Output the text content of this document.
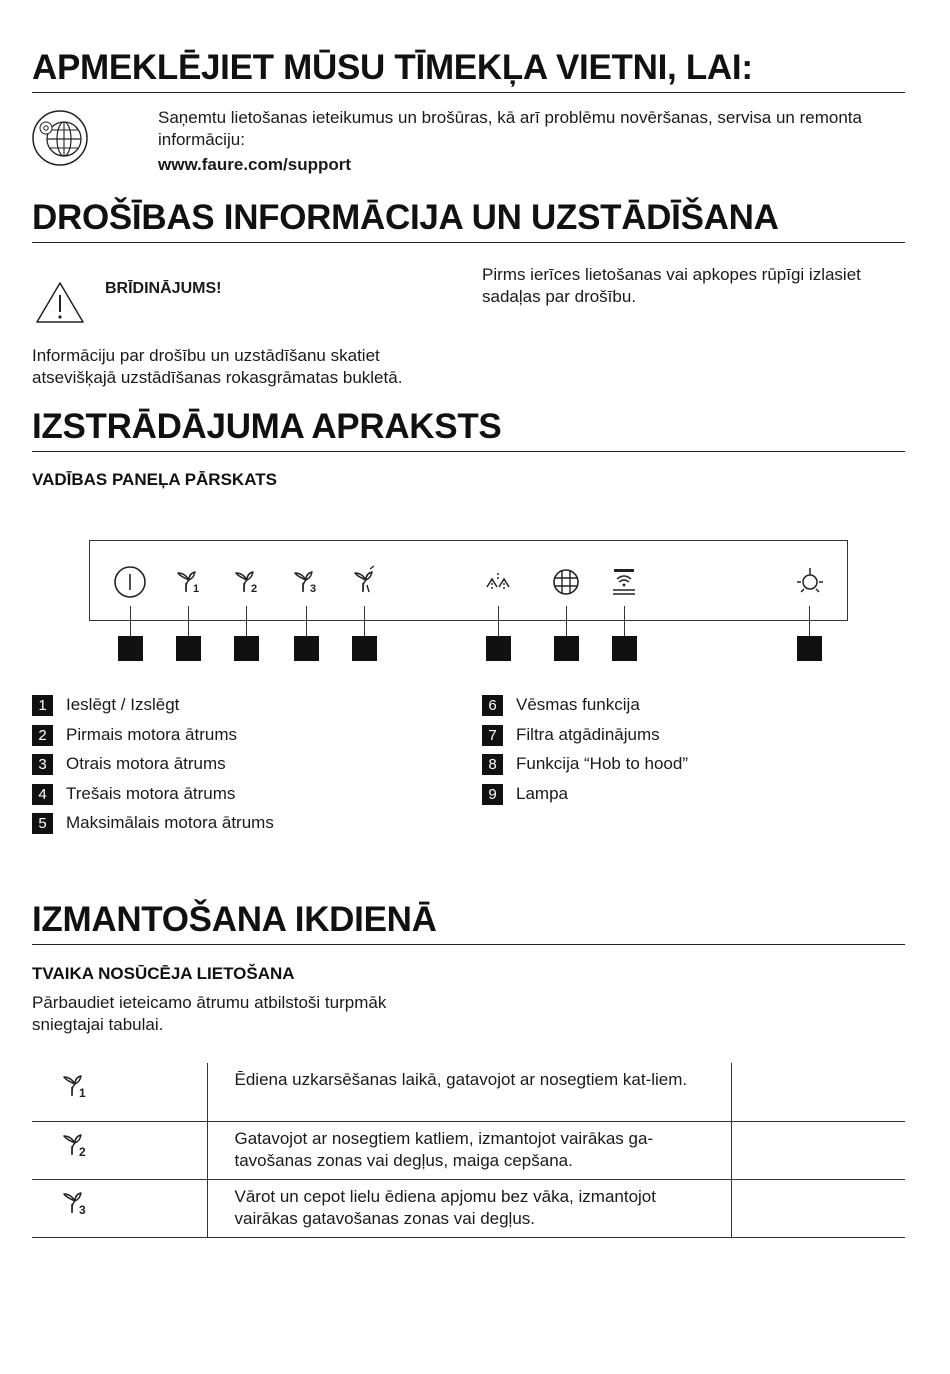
APMEKLĒJIET MŪSU TĪMEKĻA VIETNI, LAI:
Saņemtu lietošanas ieteikumus un brošūras, kā arī problēmu novēršanas, servisa un remonta informāciju:
www.faure.com/support
DROŠĪBAS INFORMĀCIJA UN UZSTĀDĪŠANA
BRĪDINĀJUMS!
Pirms ierīces lietošanas vai apkopes rūpīgi izlasiet sadaļas par drošību.
Informāciju par drošību un uzstādīšanu skatiet atsevišķajā uzstādīšanas rokasgrāmatas bukletā.
IZSTRĀDĀJUMA APRAKSTS
VADĪBAS PANEĻA PĀRSKATS
1	2	3
1	Ieslēgt / Izslēgt
2	Pirmais motora ātrums
3	Otrais motora ātrums
4	Trešais motora ātrums
5	Maksimālais motora ātrums
6	Vēsmas funkcija
7	Filtra atgādinājums
8	Funkcija “Hob to hood”
9	Lampa
IZMANTOŠANA IKDIENĀ
TVAIKA NOSŪCĒJA LIETOŠANA
Pārbaudiet ieteicamo ātrumu atbilstoši turpmāk sniegtajai tabulai.
1	Ēdiena uzkarsēšanas laikā, gatavojot ar nosegtiem kat-liem.	

2	Gatavojot ar nosegtiem katliem, izmantojot vairākas ga-tavošanas zonas vai degļus, maiga cepšana.	

3	Vārot un cepot lielu ēdiena apjomu bez vāka, izmantojot vairākas gatavošanas zonas vai degļus.	
